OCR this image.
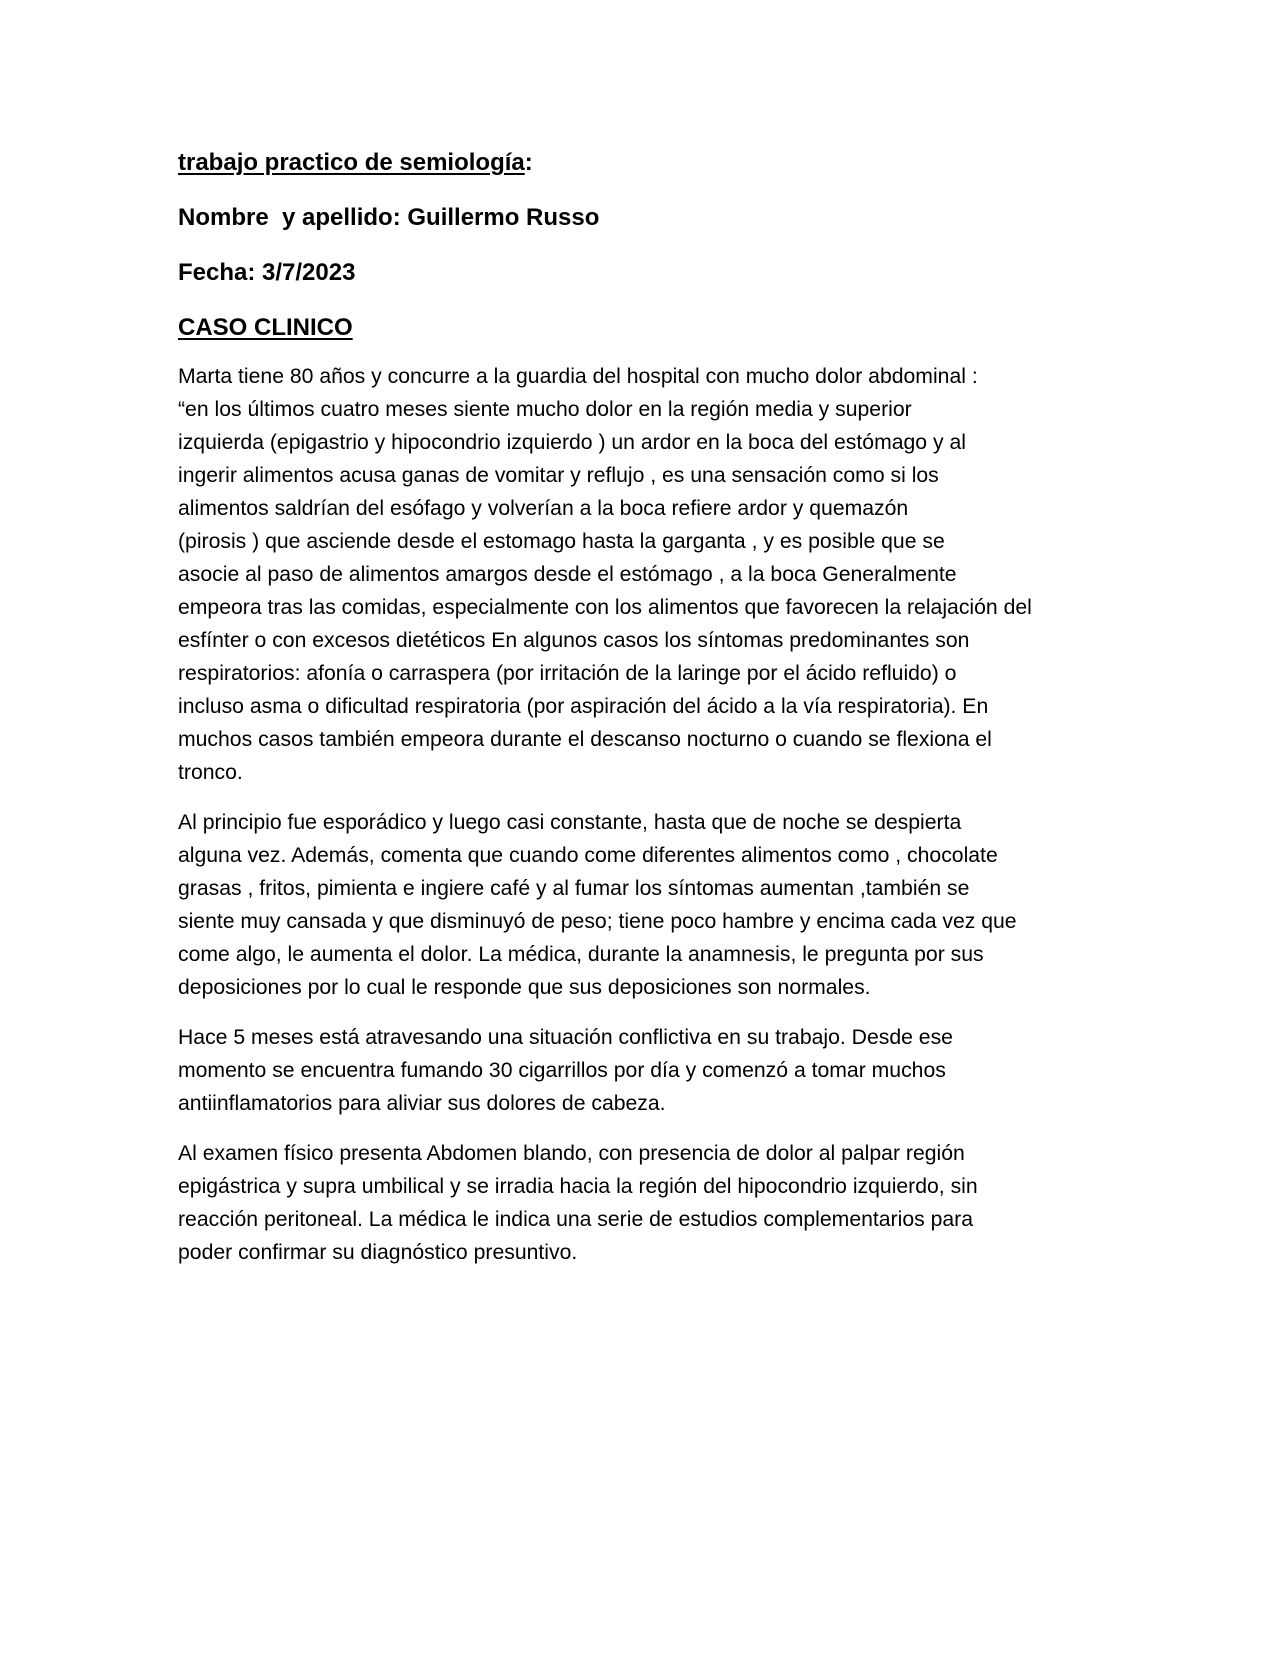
trabajo practico de semiología:
Nombre  y apellido: Guillermo Russo
Fecha: 3/7/2023
CASO CLINICO
Marta tiene 80 años y concurre a la guardia del hospital con mucho dolor abdominal :
“en los últimos cuatro meses siente mucho dolor en la región media y superior
izquierda (epigastrio y hipocondrio izquierdo ) un ardor en la boca del estómago y al
ingerir alimentos acusa ganas de vomitar y reflujo , es una sensación como si los
alimentos saldrían del esófago y volverían a la boca refiere ardor y quemazón
(pirosis ) que asciende desde el estomago hasta la garganta , y es posible que se
asocie al paso de alimentos amargos desde el estómago , a la boca Generalmente
empeora tras las comidas, especialmente con los alimentos que favorecen la relajación del
esfínter o con excesos dietéticos En algunos casos los síntomas predominantes son
respiratorios: afonía o carraspera (por irritación de la laringe por el ácido refluido) o
incluso asma o dificultad respiratoria (por aspiración del ácido a la vía respiratoria). En
muchos casos también empeora durante el descanso nocturno o cuando se flexiona el
tronco.
Al principio fue esporádico y luego casi constante, hasta que de noche se despierta
alguna vez. Además, comenta que cuando come diferentes alimentos como , chocolate
grasas , fritos, pimienta e ingiere café y al fumar los síntomas aumentan ,también se
siente muy cansada y que disminuyó de peso; tiene poco hambre y encima cada vez que
come algo, le aumenta el dolor. La médica, durante la anamnesis, le pregunta por sus
deposiciones por lo cual le responde que sus deposiciones son normales.
Hace 5 meses está atravesando una situación conflictiva en su trabajo. Desde ese
momento se encuentra fumando 30 cigarrillos por día y comenzó a tomar muchos
antiinflamatorios para aliviar sus dolores de cabeza.
Al examen físico presenta Abdomen blando, con presencia de dolor al palpar región
epigástrica y supra umbilical y se irradia hacia la región del hipocondrio izquierdo, sin
reacción peritoneal. La médica le indica una serie de estudios complementarios para
poder confirmar su diagnóstico presuntivo.
